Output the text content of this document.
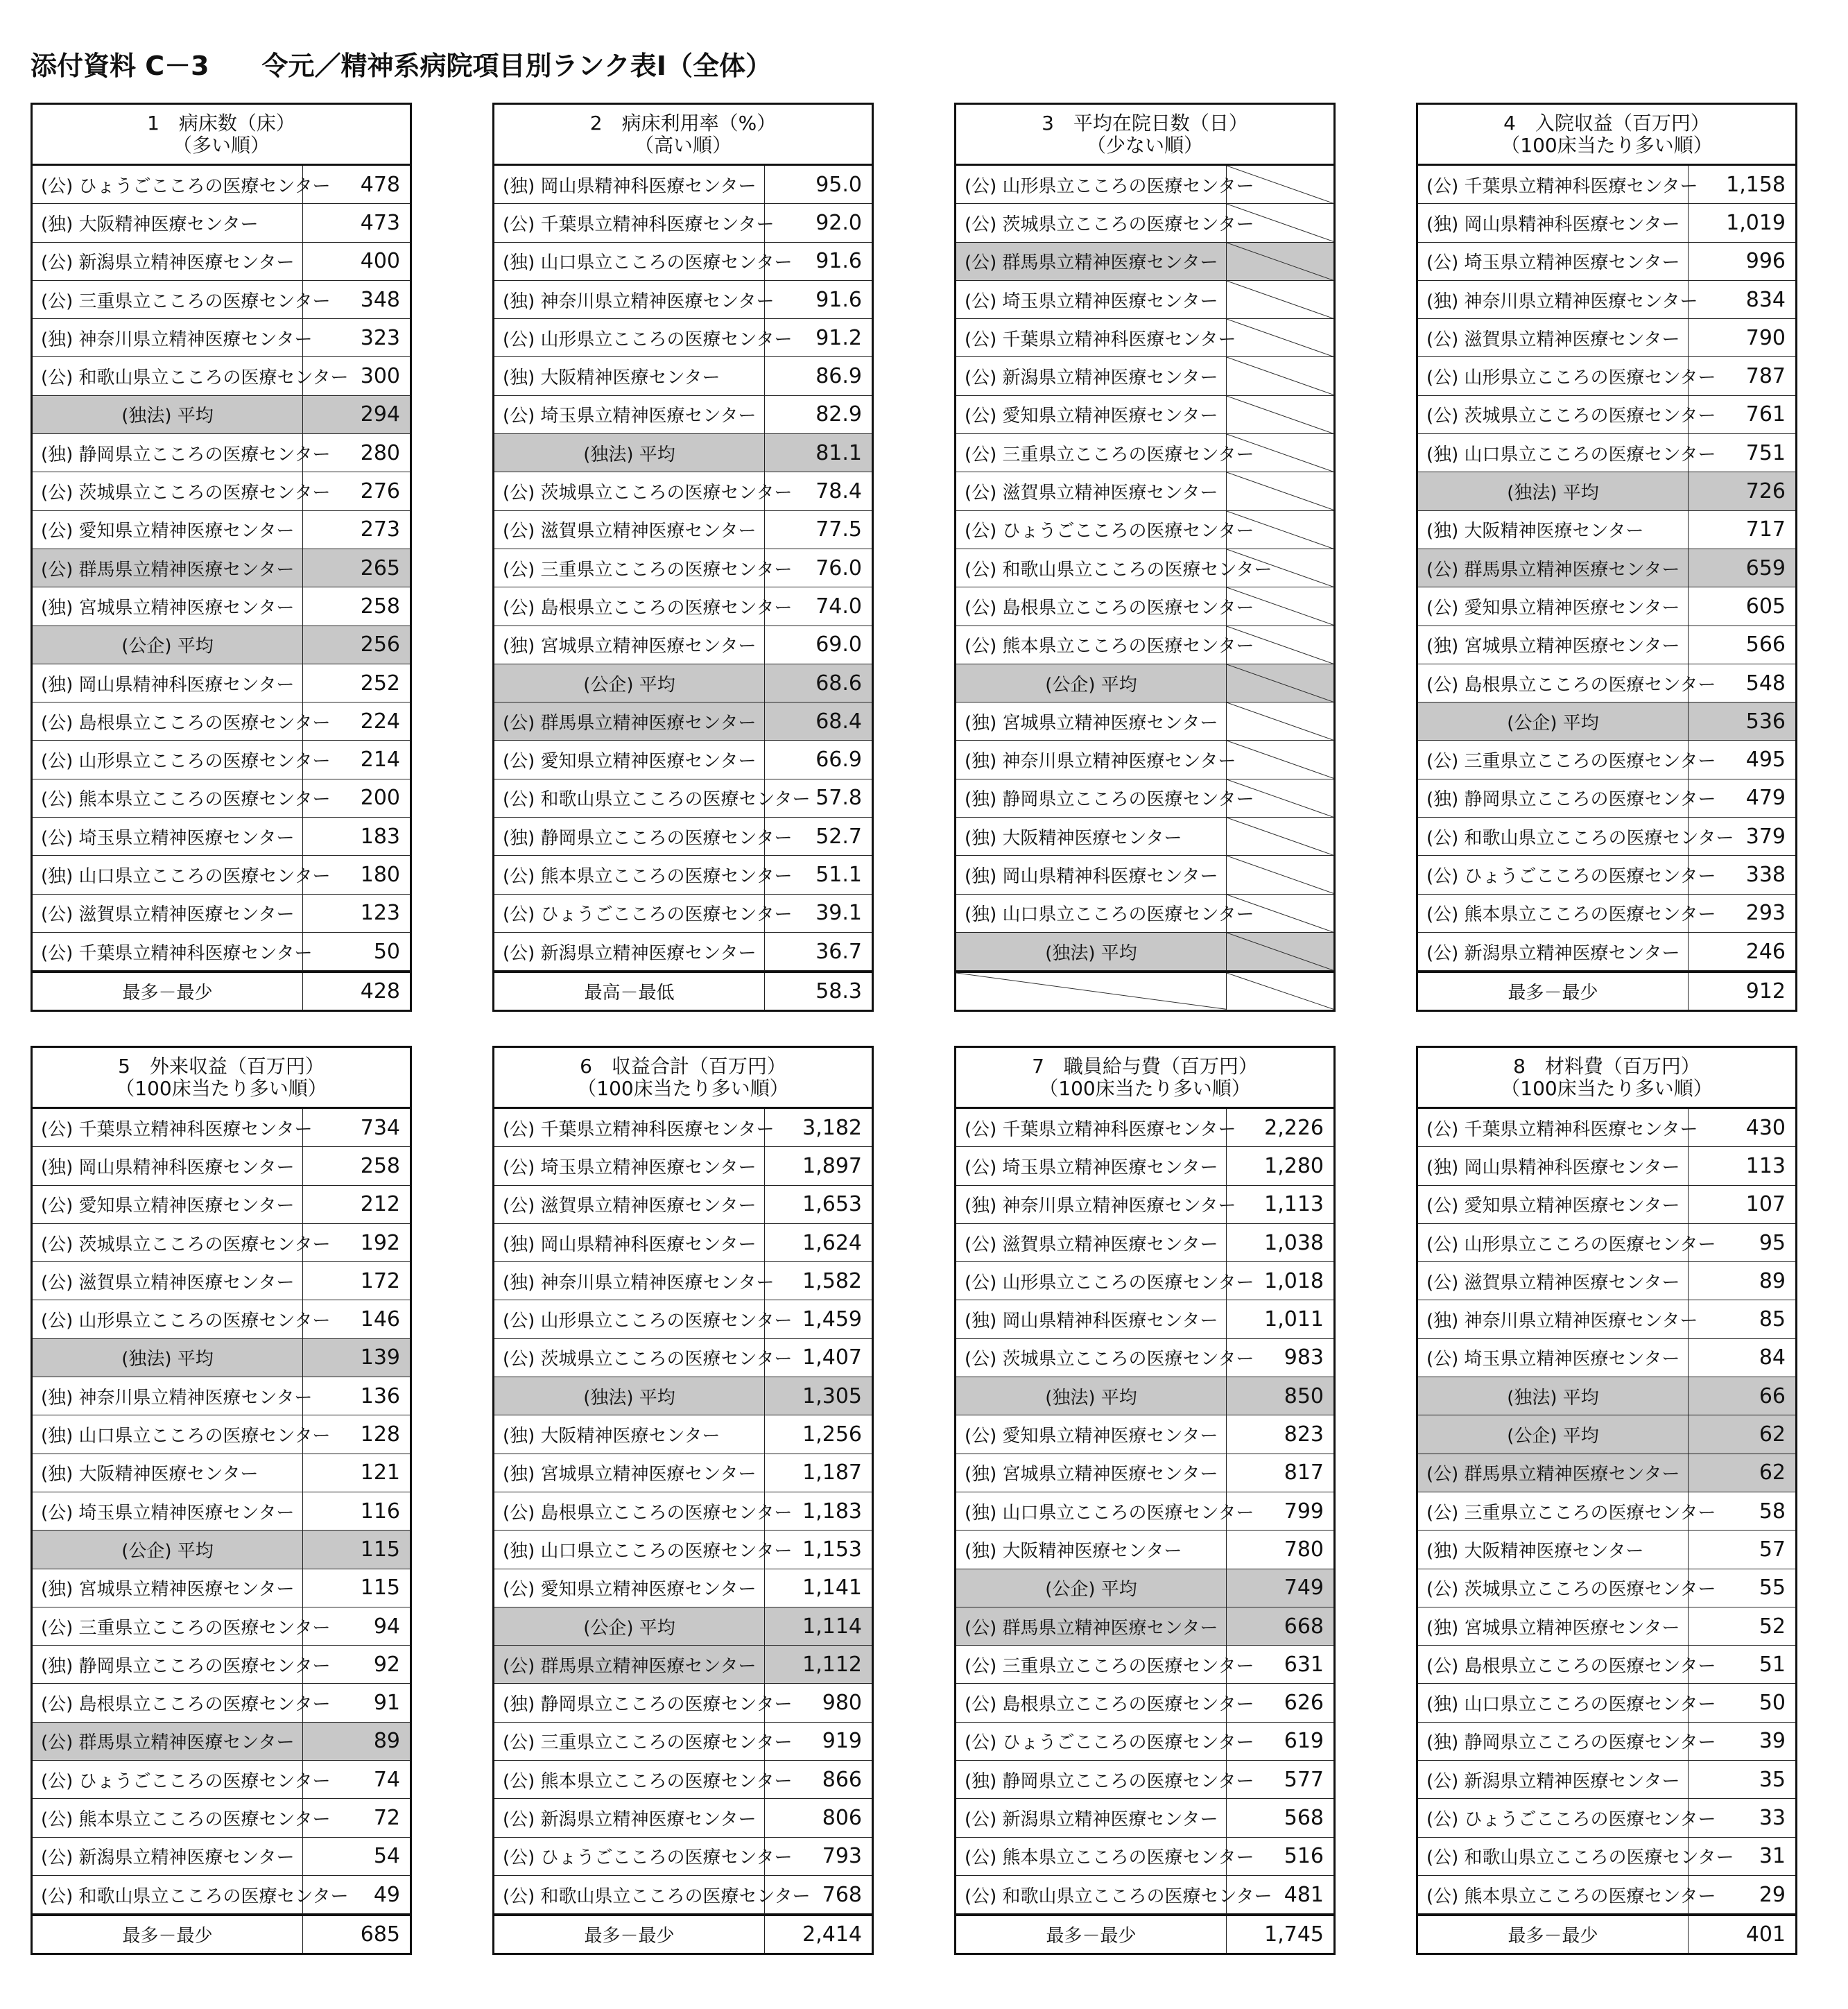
添付資料 C－3　　令元／精神系病院項目別ランク表Ⅰ（全体）
1　病床数（床）
（多い順）
(公) ひょうごこころの医療センター	478
(独) 大阪精神医療センター	473
(公) 新潟県立精神医療センター	400
(公) 三重県立こころの医療センター	348
(独) 神奈川県立精神医療センター	323
(公) 和歌山県立こころの医療センター 300
(独法) 平均	294
(独) 静岡県立こころの医療センター	280
(公) 茨城県立こころの医療センター	276
(公) 愛知県立精神医療センター	273
(公) 群馬県立精神医療センター	265
(独) 宮城県立精神医療センター	258
(公企) 平均	256
(独) 岡山県精神科医療センター	252
(公) 島根県立こころの医療センター	224
(公) 山形県立こころの医療センター	214
(公) 熊本県立こころの医療センター	200
(公) 埼玉県立精神医療センター	183
(独) 山口県立こころの医療センター	180
(公) 滋賀県立精神医療センター	123
(公) 千葉県立精神科医療センター	50
最多－最少	428
2　病床利用率（%）
（高い順）
(独) 岡山県精神科医療センター	95.0
(公) 千葉県立精神科医療センター	92.0
(独) 山口県立こころの医療センター	91.6
(独) 神奈川県立精神医療センター	91.6
(公) 山形県立こころの医療センター	91.2
(独) 大阪精神医療センター	86.9
(公) 埼玉県立精神医療センター	82.9
(独法) 平均	81.1
(公) 茨城県立こころの医療センター	78.4
(公) 滋賀県立精神医療センター	77.5
(公) 三重県立こころの医療センター	76.0
(公) 島根県立こころの医療センター	74.0
(独) 宮城県立精神医療センター	69.0
(公企) 平均	68.6
(公) 群馬県立精神医療センター	68.4
(公) 愛知県立精神医療センター	66.9
(公) 和歌山県立こころの医療センター 57.8
(独) 静岡県立こころの医療センター	52.7
(公) 熊本県立こころの医療センター	51.1
(公) ひょうごこころの医療センター	39.1
(公) 新潟県立精神医療センター	36.7
最高－最低	58.3
3　平均在院日数（日）
（少ない順）
(公) 山形県立こころの医療センター
(公) 茨城県立こころの医療センター
(公) 群馬県立精神医療センター
(公) 埼玉県立精神医療センター
(公) 千葉県立精神科医療センター
(公) 新潟県立精神医療センター
(公) 愛知県立精神医療センター
(公) 三重県立こころの医療センター
(公) 滋賀県立精神医療センター
(公) ひょうごこころの医療センター
(公) 和歌山県立こころの医療センター
(公) 島根県立こころの医療センター
(公) 熊本県立こころの医療センター
(公企) 平均
(独) 宮城県立精神医療センター
(独) 神奈川県立精神医療センター
(独) 静岡県立こころの医療センター
(独) 大阪精神医療センター
(独) 岡山県精神科医療センター
(独) 山口県立こころの医療センター
(独法) 平均
4　入院収益（百万円）
（100床当たり多い順）
(公) 千葉県立精神科医療センター	1,158
(独) 岡山県精神科医療センター	1,019
(公) 埼玉県立精神医療センター	996
(独) 神奈川県立精神医療センター	834
(公) 滋賀県立精神医療センター	790
(公) 山形県立こころの医療センター	787
(公) 茨城県立こころの医療センター	761
(独) 山口県立こころの医療センター	751
(独法) 平均	726
(独) 大阪精神医療センター	717
(公) 群馬県立精神医療センター	659
(公) 愛知県立精神医療センター	605
(独) 宮城県立精神医療センター	566
(公) 島根県立こころの医療センター	548
(公企) 平均	536
(公) 三重県立こころの医療センター	495
(独) 静岡県立こころの医療センター	479
(公) 和歌山県立こころの医療センター 379
(公) ひょうごこころの医療センター	338
(公) 熊本県立こころの医療センター	293
(公) 新潟県立精神医療センター	246
最多－最少	912
5　外来収益（百万円）
（100床当たり多い順）
(公) 千葉県立精神科医療センター	734
(独) 岡山県精神科医療センター	258
(公) 愛知県立精神医療センター	212
(公) 茨城県立こころの医療センター	192
(公) 滋賀県立精神医療センター	172
(公) 山形県立こころの医療センター	146
(独法) 平均	139
(独) 神奈川県立精神医療センター	136
(独) 山口県立こころの医療センター	128
(独) 大阪精神医療センター	121
(公) 埼玉県立精神医療センター	116
(公企) 平均	115
(独) 宮城県立精神医療センター	115
(公) 三重県立こころの医療センター	94
(独) 静岡県立こころの医療センター	92
(公) 島根県立こころの医療センター	91
(公) 群馬県立精神医療センター	89
(公) ひょうごこころの医療センター	74
(公) 熊本県立こころの医療センター	72
(公) 新潟県立精神医療センター	54
(公) 和歌山県立こころの医療センター	49
最多－最少	685
6　収益合計（百万円）
（100床当たり多い順）
(公) 千葉県立精神科医療センター	3,182
(公) 埼玉県立精神医療センター	1,897
(公) 滋賀県立精神医療センター	1,653
(独) 岡山県精神科医療センター	1,624
(独) 神奈川県立精神医療センター	1,582
(公) 山形県立こころの医療センター 1,459
(公) 茨城県立こころの医療センター 1,407
(独法) 平均	1,305
(独) 大阪精神医療センター	1,256
(独) 宮城県立精神医療センター	1,187
(公) 島根県立こころの医療センター 1,183
(独) 山口県立こころの医療センター 1,153
(公) 愛知県立精神医療センター	1,141
(公企) 平均	1,114
(公) 群馬県立精神医療センター	1,112
(独) 静岡県立こころの医療センター	980
(公) 三重県立こころの医療センター	919
(公) 熊本県立こころの医療センター	866
(公) 新潟県立精神医療センター	806
(公) ひょうごこころの医療センター	793
(公) 和歌山県立こころの医療センター 768
最多－最少	2,414
7　職員給与費（百万円）
（100床当たり多い順）
(公) 千葉県立精神科医療センター	2,226
(公) 埼玉県立精神医療センター	1,280
(独) 神奈川県立精神医療センター	1,113
(公) 滋賀県立精神医療センター	1,038
(公) 山形県立こころの医療センター 1,018
(独) 岡山県精神科医療センター	1,011
(公) 茨城県立こころの医療センター	983
(独法) 平均	850
(公) 愛知県立精神医療センター	823
(独) 宮城県立精神医療センター	817
(独) 山口県立こころの医療センター	799
(独) 大阪精神医療センター	780
(公企) 平均	749
(公) 群馬県立精神医療センター	668
(公) 三重県立こころの医療センター	631
(公) 島根県立こころの医療センター	626
(公) ひょうごこころの医療センター	619
(独) 静岡県立こころの医療センター	577
(公) 新潟県立精神医療センター	568
(公) 熊本県立こころの医療センター	516
(公) 和歌山県立こころの医療センター 481
最多－最少	1,745
8　材料費（百万円）
（100床当たり多い順）
(公) 千葉県立精神科医療センター	430
(独) 岡山県精神科医療センター	113
(公) 愛知県立精神医療センター	107
(公) 山形県立こころの医療センター	95
(公) 滋賀県立精神医療センター	89
(独) 神奈川県立精神医療センター	85
(公) 埼玉県立精神医療センター	84
(独法) 平均	66
(公企) 平均	62
(公) 群馬県立精神医療センター	62
(公) 三重県立こころの医療センター	58
(独) 大阪精神医療センター	57
(公) 茨城県立こころの医療センター	55
(独) 宮城県立精神医療センター	52
(公) 島根県立こころの医療センター	51
(独) 山口県立こころの医療センター	50
(独) 静岡県立こころの医療センター	39
(公) 新潟県立精神医療センター	35
(公) ひょうごこころの医療センター	33
(公) 和歌山県立こころの医療センター	31
(公) 熊本県立こころの医療センター	29
最多－最少	401
